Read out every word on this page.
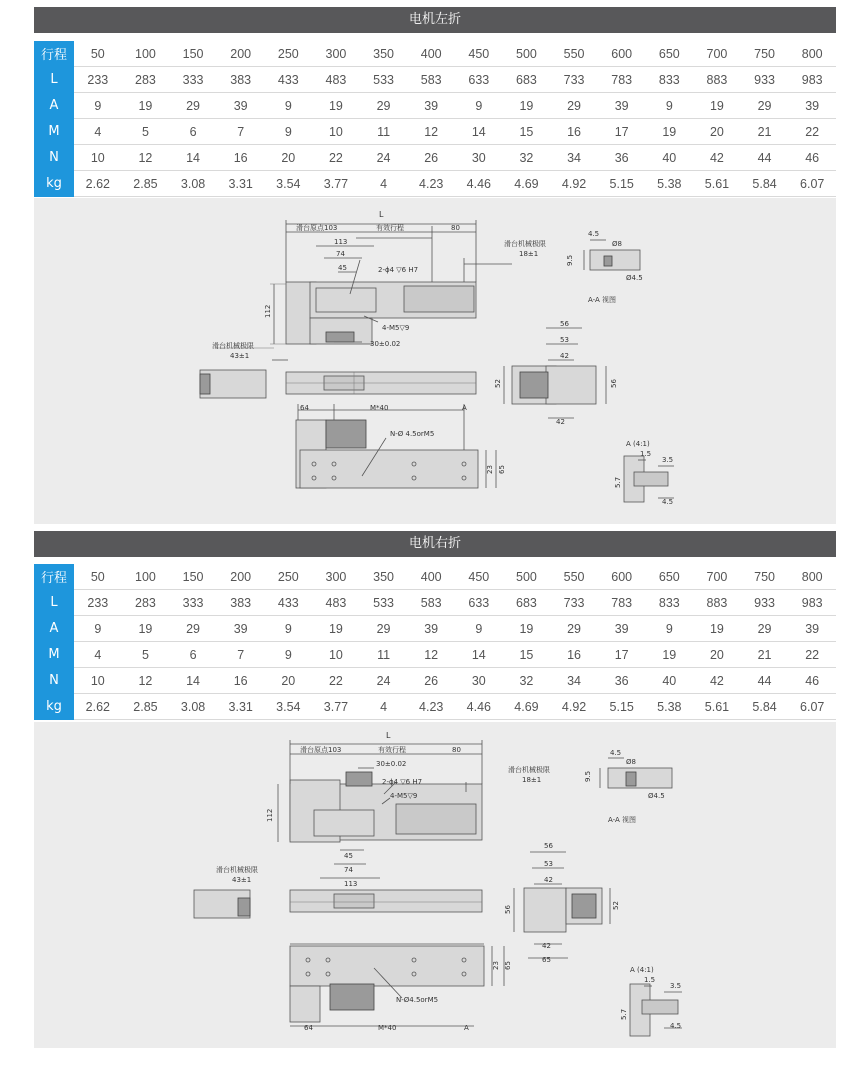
电机左折
行程	50	100	150	200	250	300	350	400	450	500	550	600	650	700	750	800
L	233	283	333	383	433	483	533	583	633	683	733	783	833	883	933	983
A	9	19	29	39	9	19	29	39	9	19	29	39	9	19	29	39
M	4	5	6	7	9	10	11	12	14	15	16	17	19	20	21	22
N	10	12	14	16	20	22	24	26	30	32	34	36	40	42	44	46
kg	2.62	2.85	3.08	3.31	3.54	3.77	4	4.23	4.46	4.69	4.92	5.15	5.38	5.61	5.84	6.07
L
滑台原点103	有效行程	80
113
74
45	2-ϕ4 ▽6 H7
滑台机械极限
18±1
112
4-M5▽9
30±0.02
滑台机械极限
43±1
64	M*40	A
N-Ø 4.5orM5
23 65
4.5
Ø8
9.5
Ø4.5
A-A 视图
56
53
42
52	56
42
A (4:1)
1.5
3.5
5.7
4.5
电机右折
行程	50	100	150	200	250	300	350	400	450	500	550	600	650	700	750	800
L	233	283	333	383	433	483	533	583	633	683	733	783	833	883	933	983
A	9	19	29	39	9	19	29	39	9	19	29	39	9	19	29	39
M	4	5	6	7	9	10	11	12	14	15	16	17	19	20	21	22
N	10	12	14	16	20	22	24	26	30	32	34	36	40	42	44	46
kg	2.62	2.85	3.08	3.31	3.54	3.77	4	4.23	4.46	4.69	4.92	5.15	5.38	5.61	5.84	6.07
L
滑台原点103	有效行程	80
30±0.02
2-ϕ4 ▽6 H7
4-M5▽9
滑台机械极限
18±1
112
45
74
113
滑台机械极限
43±1
23 65
N-Ø4.5orM5
64	M*40	A
4.5
Ø8
9.5
Ø4.5
A-A 视图
56
53
42
56	52
42
65
A (4:1)
1.5
3.5
5.7
4.5
